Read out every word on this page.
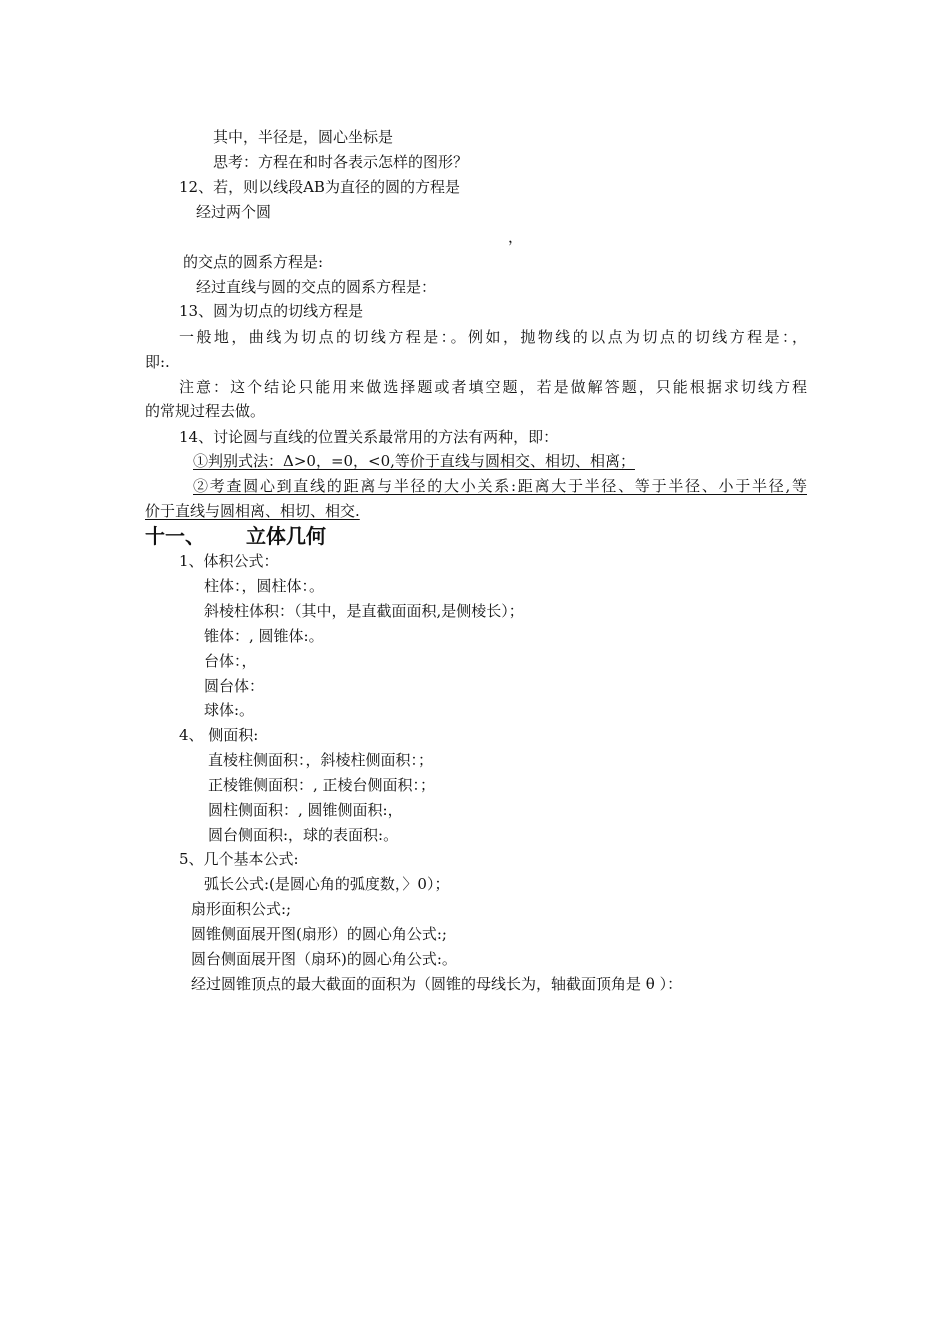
其中，半径是，圆心坐标是
思考：方程在和时各表示怎样的图形？
12、若，则以线段AB为直径的圆的方程是
经过两个圆
，
的交点的圆系方程是:
经过直线与圆的交点的圆系方程是：
13、圆为切点的切线方程是
一般地，曲线为切点的切线方程是：。例如，抛物线的以点为切点的切线方程是：，
即:.
注意：这个结论只能用来做选择题或者填空题，若是做解答题，只能根据求切线方程
的常规过程去做。
14、讨论圆与直线的位置关系最常用的方法有两种，即：
①判别式法：Δ>0，=0，<0,等价于直线与圆相交、相切、相离；
②考查圆心到直线的距离与半径的大小关系:距离大于半径、等于半径、小于半径,等
价于直线与圆相离、相切、相交.
十一、 立体几何
1、体积公式：
柱体：，圆柱体：。
斜棱柱体积：（其中，是直截面面积,是侧棱长）；
锥体：, 圆锥体:。
台体：，
圆台体：
球体:。
4、 侧面积:
直棱柱侧面积：，斜棱柱侧面积：；
正棱锥侧面积：, 正棱台侧面积：；
圆柱侧面积：, 圆锥侧面积:，
圆台侧面积:，球的表面积:。
5、几个基本公式:
弧长公式:(是圆心角的弧度数，〉0）；
扇形面积公式:;
圆锥侧面展开图(扇形）的圆心角公式:;
圆台侧面展开图（扇环)的圆心角公式:。
经过圆锥顶点的最大截面的面积为（圆锥的母线长为，轴截面顶角是 θ ）：
